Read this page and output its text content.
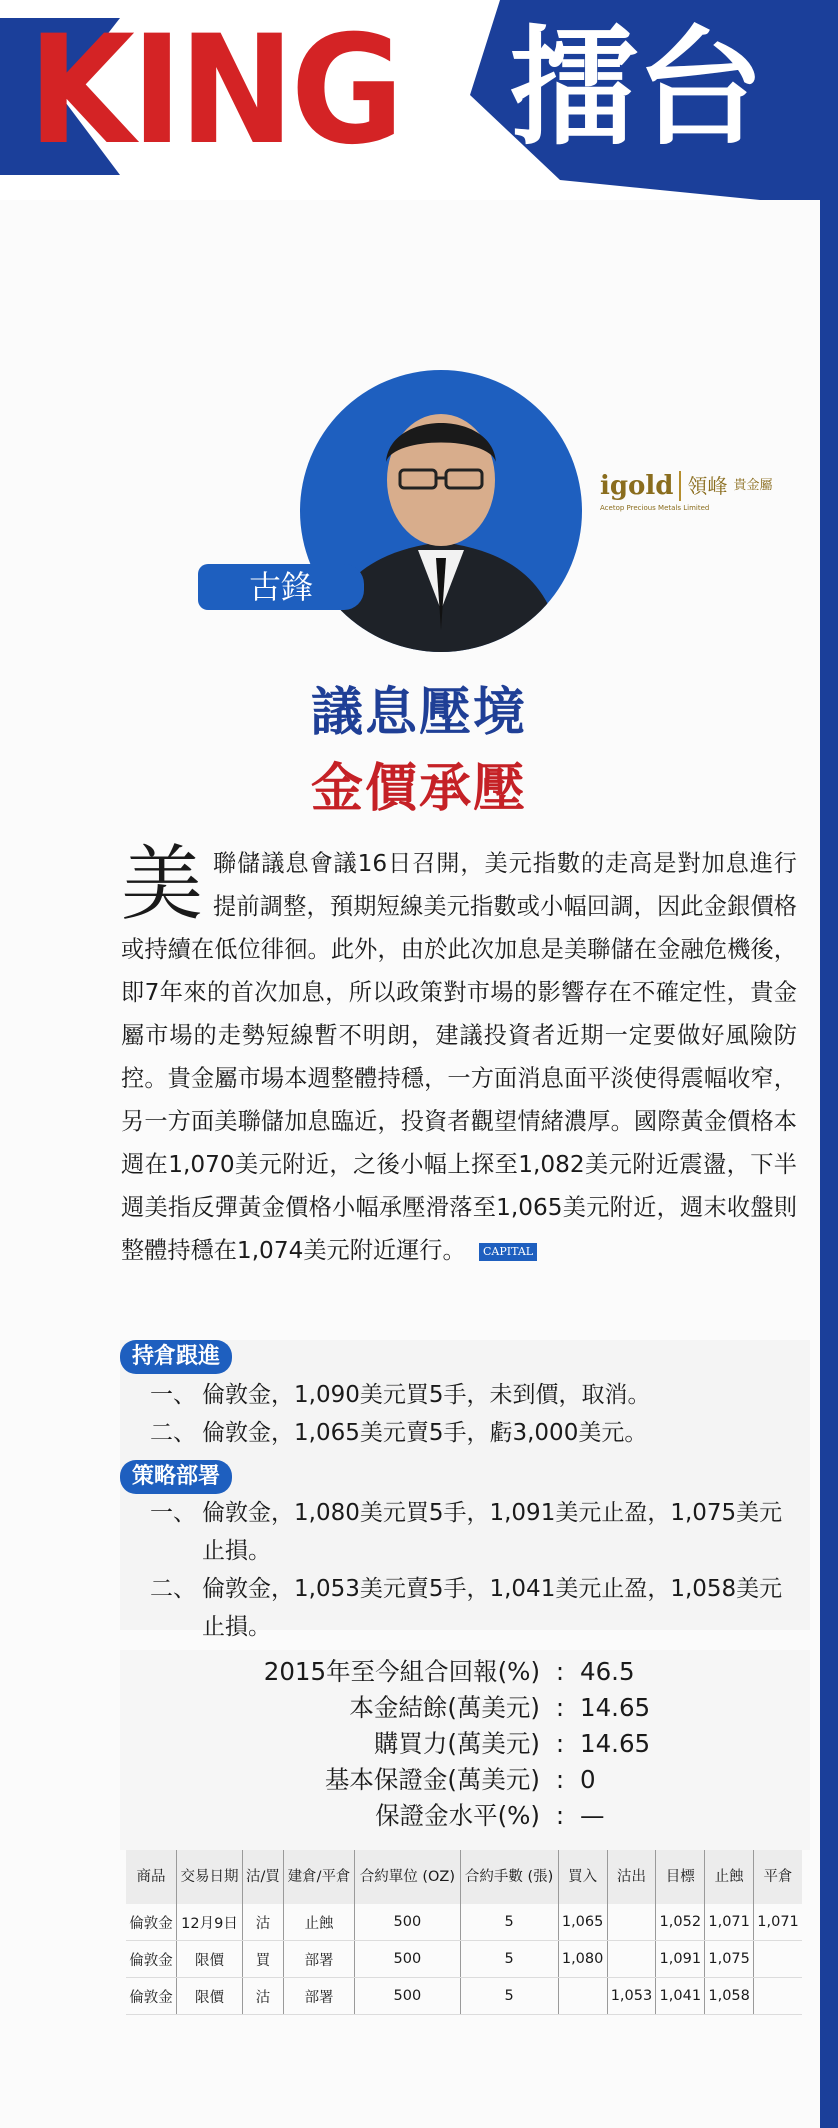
KING 擂台
古鋒
igold 領峰 貴金屬
Acetop Precious Metals Limited
議息壓境
金價承壓
美 聯儲議息會議16日召開，美元指數的走高是對加息進行提前調整，預期短線美元指數或小幅回調，因此金銀價格或持續在低位徘徊。此外，由於此次加息是美聯儲在金融危機後，即7年來的首次加息，所以政策對市場的影響存在不確定性，貴金屬市場的走勢短線暫不明朗，建議投資者近期一定要做好風險防控。貴金屬市場本週整體持穩，一方面消息面平淡使得震幅收窄，另一方面美聯儲加息臨近，投資者觀望情緒濃厚。國際黃金價格本週在1,070美元附近，之後小幅上探至1,082美元附近震盪，下半週美指反彈黃金價格小幅承壓滑落至1,065美元附近，週末收盤則整體持穩在1,074美元附近運行。 CAPITAL
持倉跟進
一、 倫敦金，1,090美元買5手，未到價，取消。
二、 倫敦金，1,065美元賣5手，虧3,000美元。
策略部署
一、 倫敦金，1,080美元買5手，1,091美元止盈，1,075美元止損。
二、 倫敦金，1,053美元賣5手，1,041美元止盈，1,058美元止損。
2015年至今組合回報(%) : 46.5
本金結餘(萬美元) : 14.65
購買力(萬美元) : 14.65
基本保證金(萬美元) : 0
保證金水平(%) : —
商品	交易日期	沽/買	建倉/平倉	合約單位 (OZ)	合約手數 (張)	買入	沽出	目標	止蝕	平倉
倫敦金	12月9日	沽	止蝕	500	5	1,065		1,052	1,071	1,071
倫敦金	限價	買	部署	500	5	1,080		1,091	1,075	
倫敦金	限價	沽	部署	500	5		1,053	1,041	1,058	
